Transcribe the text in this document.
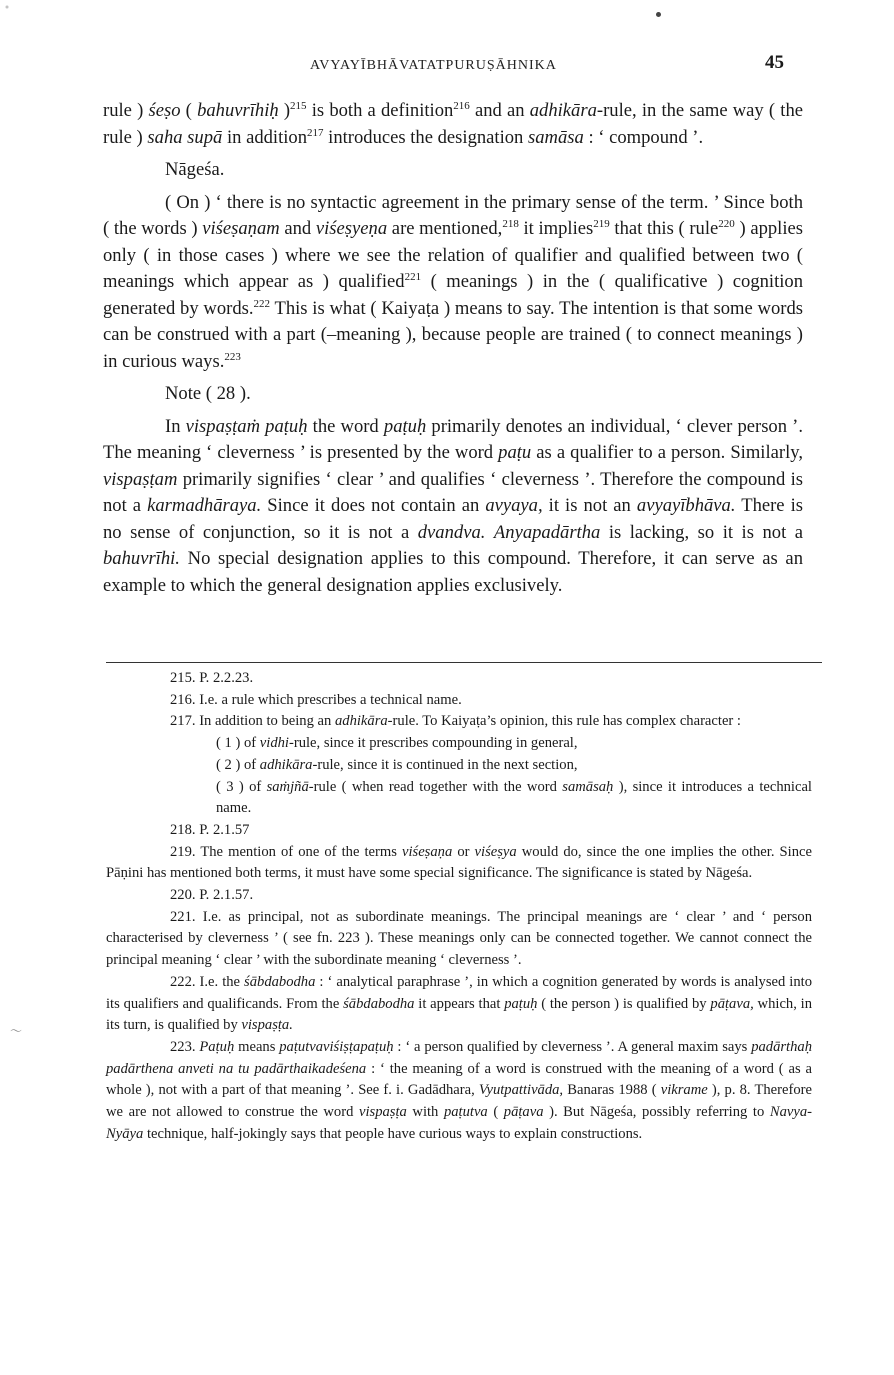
AVYAYĪBHĀVATATPURUṢĀHNIKA	45

rule ) śeṣo ( bahuvrīhiḥ )$^{215}$ is both a definition$^{216}$ and an adhikāra-rule, in the same way ( the rule ) saha supā in addition$^{217}$ introduces the designation samāsa : ‘ compound ’.

Nāgeśa.

( On ) ‘ there is no syntactic agreement in the primary sense of the term. ’ Since both ( the words ) viśeṣaṇam and viśeṣyeṇa are mentioned,$^{218}$ it implies$^{219}$ that this ( rule$^{220}$ ) applies only ( in those cases ) where we see the relation of qualifier and qualified between two ( meanings which appear as ) qualified$^{221}$ ( meanings ) in the ( qualificative ) cognition generated by words.$^{222}$ This is what ( Kaiyaṭa ) means to say. The intention is that some words can be construed with a part (–meaning ), because people are trained ( to connect meanings ) in curious ways.$^{223}$

Note ( 28 ).

In vispaṣṭaṁ paṭuḥ the word paṭuḥ primarily denotes an individual, ‘ clever person ’. The meaning ‘ cleverness ’ is presented by the word paṭu as a qualifier to a person. Similarly, vispaṣṭam primarily signifies ‘ clear ’ and qualifies ‘ cleverness ’. Therefore the compound is not a karmadhāraya. Since it does not contain an avyaya, it is not an avyayībhāva. There is no sense of conjunction, so it is not a dvandva. Anyapadārtha is lacking, so it is not a bahuvrīhi. No special designation applies to this compound. Therefore, it can serve as an example to which the general designation applies exclusively.

215. P. 2.2.23.

216. I.e. a rule which prescribes a technical name.

217. In addition to being an adhikāra-rule. To Kaiyaṭa’s opinion, this rule has complex character :

( 1 ) of vidhi-rule, since it prescribes compounding in general,

( 2 ) of adhikāra-rule, since it is continued in the next section,

( 3 ) of saṁjñā-rule ( when read together with the word samāsaḥ ), since it introduces a technical name.

218. P. 2.1.57

219. The mention of one of the terms viśeṣaṇa or viśeṣya would do, since the one implies the other. Since Pāṇini has mentioned both terms, it must have some special significance. The significance is stated by Nāgeśa.

220. P. 2.1.57.

221. I.e. as principal, not as subordinate meanings. The principal meanings are ‘ clear ’ and ‘ person characterised by cleverness ’ ( see fn. 223 ). These meanings only can be connected together. We cannot connect the principal meaning ‘ clear ’ with the subordinate meaning ‘ cleverness ’.

222. I.e. the śābdabodha : ‘ analytical paraphrase ’, in which a cognition generated by words is analysed into its qualifiers and qualificands. From the śābdabodha it appears that paṭuḥ ( the person ) is qualified by pāṭava, which, in its turn, is qualified by vispaṣṭa.

223. Paṭuḥ means paṭutvaviśiṣṭapaṭuḥ : ‘ a person qualified by cleverness ’. A general maxim says padārthaḥ padārthena anveti na tu padārthaikadeśena : ‘ the meaning of a word is construed with the meaning of a word ( as a whole ), not with a part of that meaning ’. See f. i. Gadādhara, Vyutpattivāda, Banaras 1988 ( vikrame ), p. 8. Therefore we are not allowed to construe the word vispaṣṭa with paṭutva ( pāṭava ). But Nāgeśa, possibly referring to Navya-Nyāya technique, half-jokingly says that people have curious ways to explain constructions.

〜
